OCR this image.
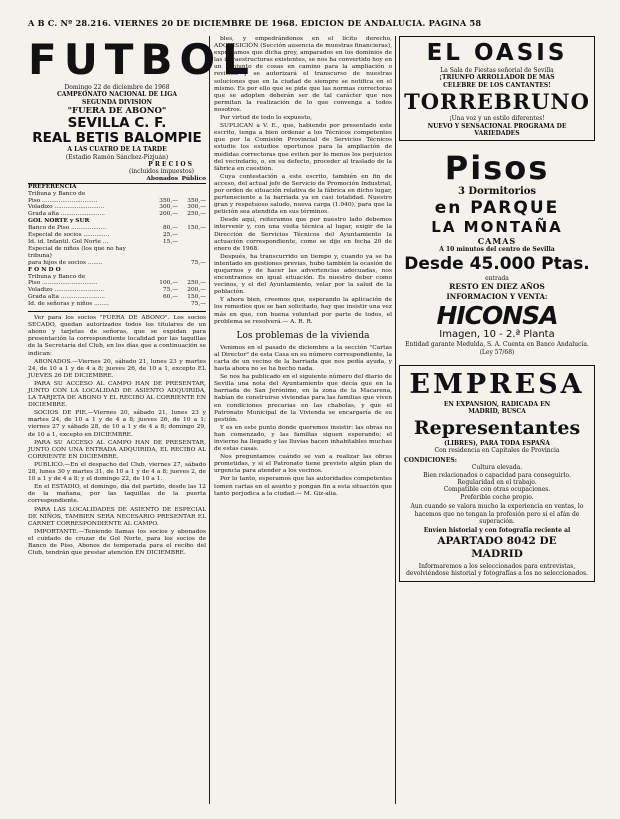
A B C. Nº 28.216. VIERNES 20 DE DICIEMBRE DE 1968. EDICION DE ANDALUCIA. PAGINA 58
FUTBOL
Domingo 22 de diciembre de 1968
CAMPEONATO NACIONAL DE LIGA
SEGUNDA DIVISION
"FUERA DE ABONO"
SEVILLA C. F.
REAL BETIS BALOMPIE
A LAS CUATRO DE LA TARDE
(Estadio Ramón Sánchez-Pizjuán)
P R E C I O S
(incluidos impuestos)
	Abonados	Público
PREFERENCIA		
Tribuna y Banco de		
Piso ..............................	350,—	350,—
Voladizo ...........................	300,—	300,—
Grada alta ........................	200,—	250,—
GOL NORTE y SUR		
Banco de Piso ...................	80,—	150,—
Especial de socios ..............	25,—	
Id. id. Infantil. Gol Norte ...	15,—	
Especial de niños (los que no hay tribuna)		
para hijos de socios ........		75,—
F O N D O		
Tribuna y Banco de		
Piso ..............................	100,—	250,—
Voladizo ...........................	75,—	200,—
Grada alta ........................	60,—	150,—
Id. de señoras y niños ........		75,—

Ver para los socios "FUERA DE ABONO". Los socios SECADO, quedan autorizados todos los titulares de un abono y tarjetas de señoras, que se expidan para presentación la correspondiente localidad por las taquillas de la Secretaría del Club, en los días que a continuación se indican:

ABONADOS.—Viernes 20, sábado 21, lunes 23 y martes 24, de 10 a 1 y de 4 a 8; jueves 26, de 10 a 1, excepto EL JUEVES 26 DE DICIEMBRE.

PARA SU ACCESO AL CAMPO HAN DE PRESENTAR, JUNTO CON LA LOCALIDAD DE ASIENTO ADQUIRIDA, LA TARJETA DE ABONO Y EL RECIBO AL CORRIENTE EN DICIEMBRE.

SOCIOS DE PIE.—Viernes 20, sábado 21, lunes 23 y martes 24, de 10 a 1 y de 4 a 8; jueves 26, de 10 a 1; viernes 27 y sábado 28, de 10 a 1 y de 4 a 8; domingo 29, de 10 a 1, excepto en DICIEMBRE.

PARA SU ACCESO AL CAMPO HAN DE PRESENTAR, JUNTO CON UNA ENTRADA ADQUIRIDA, EL RECIBO AL CORRIENTE EN DICIEMBRE.

PUBLICO.—En el despacho del Club, viernes 27, sábado 28, lunes 30 y martes 31, de 10 a 1 y de 4 a 8; jueves 2, de 10 a 1 y de 4 a 8; y el domingo 22, de 10 a 1.

En el ESTADIO, el domingo, día del partido, desde las 12 de la mañana, por las taquillas de la puerta correspondiente.

PARA LAS LOCALIDADES DE ASIENTO DE ESPECIAL DE NIÑOS, TAMBIEN SERA NECESARIO PRESENTAR EL CARNET CORRESPONDIENTE AL CAMPO.

IMPORTANTE.—Teniendo llamas los socios y abonados el cuidado de cruzar de Gol Norte, para los socios de Banco de Piso, Abonos de temporada para el recibo del Club, tendrán que prestar atención EN DICIEMBRE.

bles, y empedrándonos en el lícito derecho, ADQUISICIÓN (Sección ausencia de muestras financieras), expresamos que dicha grey, amparados en los dominios de las infraestructuras existentes, se nos ha convertido hoy en un conjunto de cosas en camino para la ampliación o revisión y se autorizará el transcurso de nuestras soluciones que en la ciudad de siempre se notifica en el mismo. Es por ello que se pide que las normas correctoras que se adopten deberán ser de tal carácter que nos permitan la realización de lo que convenga a todos nosotros.

Por virtud de todo lo expuesto,

SUPLICAN a V. E., que, habiendo por presentado este escrito, tenga a bien ordenar a los Técnicos competentes que por la Comisión Provincial de Servicios Técnicos estudie los estudios oportunos para la ampliación de medidas correctoras que eviten por lo menos los perjuicios del vecindario, o, en su defecto, proceder al traslado de la fábrica en cuestión.

Cuya contestación a este escrito, también en fin de acceso, del actual jefe de Servicio de Promoción Industrial, por orden de situación relativa de la fábrica en dicho lugar, perteneciente a la barriada ya en casi totalidad. Nuestro gran y respetuoso saludo, nueva carga (1.940), para que la petición sea atendida en sus términos.

Desde aquí, reiteramos que por nuestro lado debemos intervenir y, con una visita técnica al lugar, exigir de la Dirección de Servicios Técnicos del Ayuntamiento la actuación correspondiente, como se dijo en fecha 20 de enero de 1968.

Después, ha transcurrido un tiempo y, cuando ya se ha intentado en gestiones previas, hubo también la ocasión de quejarnos y de hacer las advertencias adecuadas, nos encontramos en igual situación. Es nuestro deber como vecinos, y el del Ayuntamiento, velar por la salud de la población.

Y ahora bien, creemos que, esperando la aplicación de los remedios que se han solicitado, hay que insistir una vez más en que, con buena voluntad por parte de todos, el problema se resolverá.— A. R. R.

Los problemas de la vivienda

Venimos en el pasado de diciembre a la sección "Cartas al Director" de esta Casa en su número correspondiente, la carta de un vecino de la barriada que nos pedía ayuda, y hasta ahora no se ha hecho nada.

Se nos ha publicado en el siguiente número del diario de Sevilla una nota del Ayuntamiento que decía que en la barriada de San Jerónimo, en la zona de la Macarena, habían de construirse viviendas para las familias que viven en condiciones precarias en las chabolas, y que el Patronato Municipal de la Vivienda se encargaría de su gestión.

Y es en este punto donde queremos insistir: las obras no han comenzado, y las familias siguen esperando; el invierno ha llegado y las lluvias hacen inhabitables muchas de estas casas.

Nos preguntamos cuándo se van a realizar las obras prometidas, y si el Patronato tiene previsto algún plan de urgencia para atender a los vecinos.

Por lo tanto, esperamos que las autoridades competentes tomen cartas en el asunto y pongan fin a esta situación que tanto perjudica a la ciudad.— M. Giz-alia.

EL OASIS
La Sala de Fiestas señorial de Sevilla
¡TRIUNFO ARROLLADOR DE MAS
CELEBRE DE LOS CANTANTES!
TORREBRUNO
¡Una voz y un estilo diferentes!
NUEVO Y SENSACIONAL PROGRAMA DE VARIEDADES
Pisos
3 Dormitorios
en PARQUE
LA MONTAÑA
CAMAS
A 10 minutos del centro de Sevilla
Desde 45.000 Ptas.
entrada
RESTO EN DIEZ AÑOS
INFORMACION Y VENTA:
HICONSA
Imagen, 10 - 2.ª Planta
Entidad garante Medulda, S. A. Cuenta en Banco Andalucía. (Ley 57/68)
EMPRESA
EN EXPANSION, RADICADA EN
MADRID, BUSCA
Representantes
(LIBRES), PARA TODA ESPAÑA
Con residencia en Capitales de Provincia
CONDICIONES:
Cultura elevada.
Bien relacionados o capacidad para conseguirlo.
Regularidad en el trabajo.
Compatible con otras ocupaciones.
Preferible coche propio.
Aun cuando se valora mucho la experiencia en ventas, lo hacemos que no tengan la profesión pero sí el afán de superación.
Envíen historial y con fotografía reciente al
APARTADO 8042 DE
MADRID
Informaremos a los seleccionados para entrevistas, devolviéndose historial y fotografías a los no seleccionados.
